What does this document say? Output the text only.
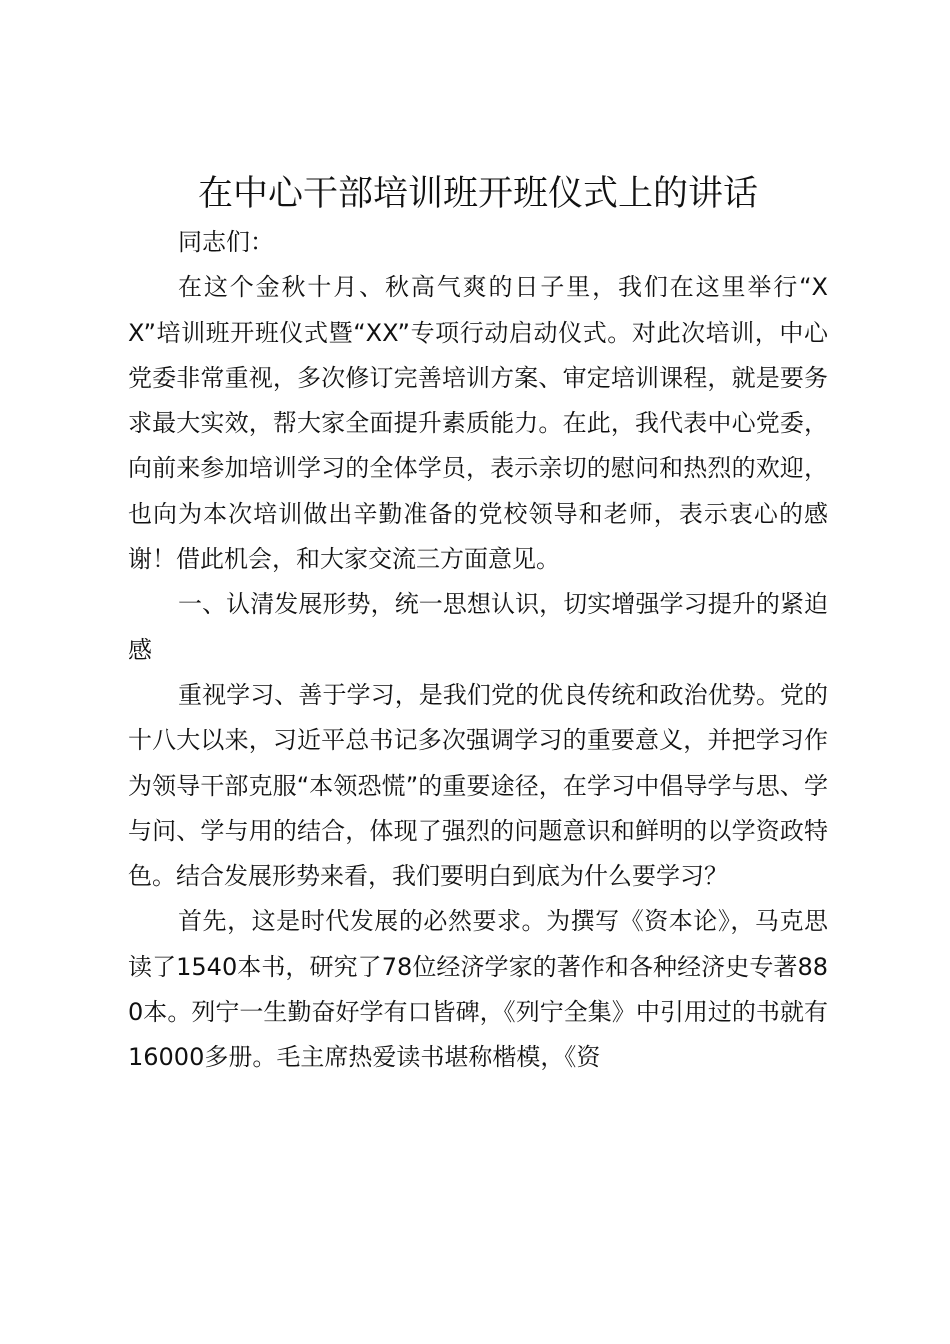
在中心干部培训班开班仪式上的讲话

同志们：

在这个金秋十月、秋高气爽的日子里，我们在这里举行“XX”培训班开班仪式暨“XX”专项行动启动仪式。对此次培训，中心党委非常重视，多次修订完善培训方案、审定培训课程，就是要务求最大实效，帮大家全面提升素质能力。在此，我代表中心党委，向前来参加培训学习的全体学员，表示亲切的慰问和热烈的欢迎，也向为本次培训做出辛勤准备的党校领导和老师，表示衷心的感谢！借此机会，和大家交流三方面意见。

一、认清发展形势，统一思想认识，切实增强学习提升的紧迫感

重视学习、善于学习，是我们党的优良传统和政治优势。党的十八大以来，习近平总书记多次强调学习的重要意义，并把学习作为领导干部克服“本领恐慌”的重要途径，在学习中倡导学与思、学与问、学与用的结合，体现了强烈的问题意识和鲜明的以学资政特色。结合发展形势来看，我们要明白到底为什么要学习？

首先，这是时代发展的必然要求。为撰写《资本论》，马克思读了1540本书，研究了78位经济学家的著作和各种经济史专著880本。列宁一生勤奋好学有口皆碑，《列宁全集》中引用过的书就有16000多册。毛主席热爱读书堪称楷模，《资
